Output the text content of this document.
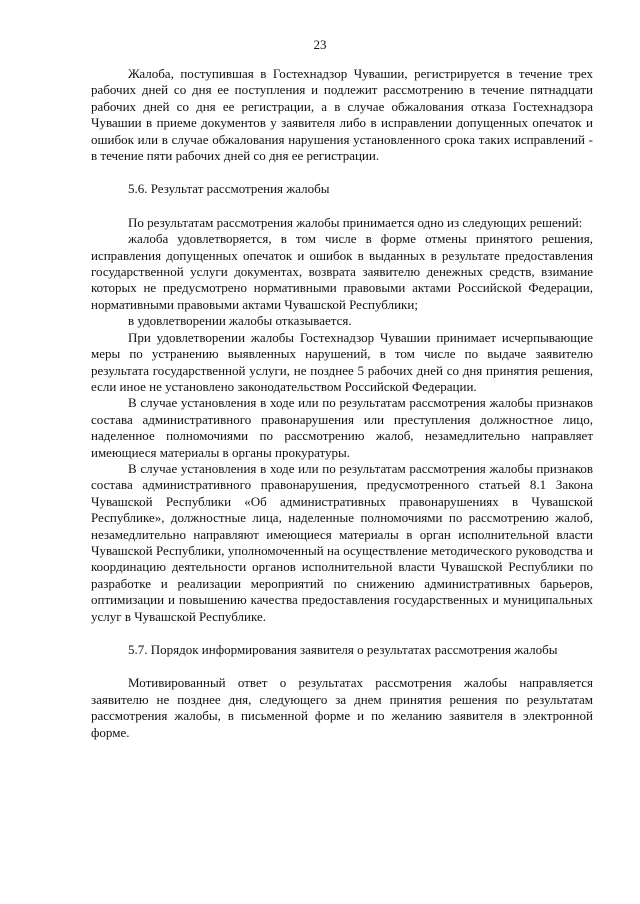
23

Жалоба, поступившая в Гостехнадзор Чувашии, регистрируется в течение трех рабочих дней со дня ее поступления и подлежит рассмотрению в течение пятнадцати рабочих дней со дня ее регистрации, а в случае обжалования отказа Гостехнадзора Чувашии в приеме документов у заявителя либо в исправлении допущенных опечаток и ошибок или в случае обжалования нарушения установленного срока таких исправлений - в течение пяти рабочих дней со дня ее регистрации.

5.6. Результат рассмотрения жалобы

По результатам рассмотрения жалобы принимается одно из следующих решений:

жалоба удовлетворяется, в том числе в форме отмены принятого решения, исправления допущенных опечаток и ошибок в выданных в результате предоставления государственной услуги документах, возврата заявителю денежных средств, взимание которых не предусмотрено нормативными правовыми актами Российской Федерации, нормативными правовыми актами Чувашской Республики;

в удовлетворении жалобы отказывается.

При удовлетворении жалобы Гостехнадзор Чувашии принимает исчерпывающие меры по устранению выявленных нарушений, в том числе по выдаче заявителю результата государственной услуги, не позднее 5 рабочих дней со дня принятия решения, если иное не установлено законодательством Российской Федерации.

В случае установления в ходе или по результатам рассмотрения жалобы признаков состава административного правонарушения или преступления должностное лицо, наделенное полномочиями по рассмотрению жалоб, незамедлительно направляет имеющиеся материалы в органы прокуратуры.

В случае установления в ходе или по результатам рассмотрения жалобы признаков состава административного правонарушения, предусмотренного статьей 8.1 Закона Чувашской Республики «Об административных правонарушениях в Чувашской Республике», должностные лица, наделенные полномочиями по рассмотрению жалоб, незамедлительно направляют имеющиеся материалы в орган исполнительной власти Чувашской Республики, уполномоченный на осуществление методического руководства и координацию деятельности органов исполнительной власти Чувашской Республики по разработке и реализации мероприятий по снижению административных барьеров, оптимизации и повышению качества предоставления государственных и муниципальных услуг в Чувашской Республике.

5.7. Порядок информирования заявителя о результатах рассмотрения жалобы

Мотивированный ответ о результатах рассмотрения жалобы направляется заявителю не позднее дня, следующего за днем принятия решения по результатам рассмотрения жалобы, в письменной форме и по желанию заявителя в электронной форме.
